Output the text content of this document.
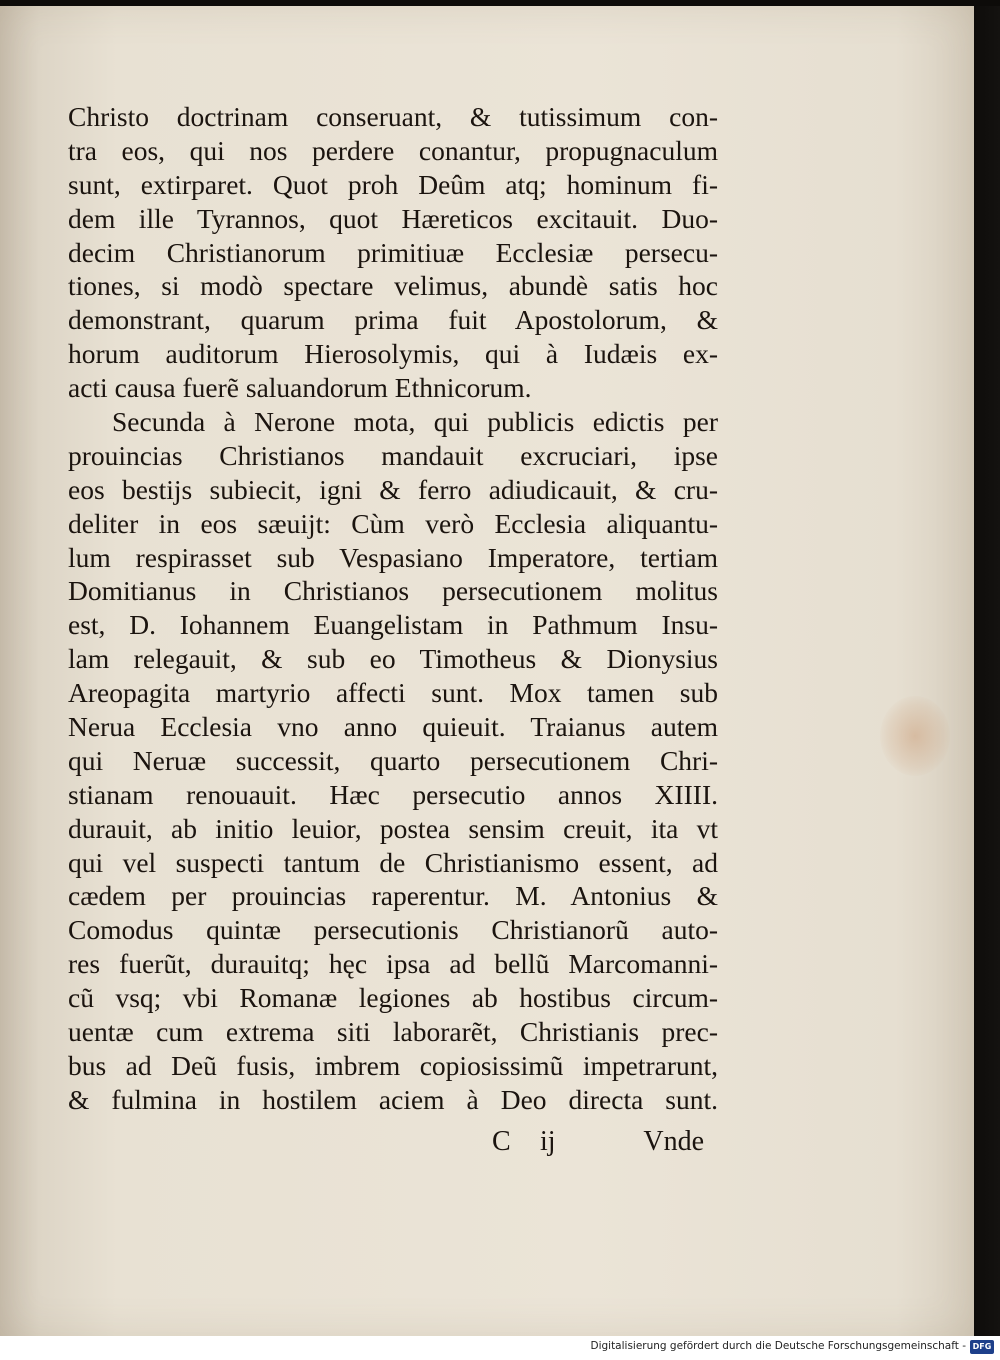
Christo doctrinam conseruant, & tutissimum con-
tra eos, qui nos perdere conantur, propugnaculum
sunt, extirparet. Quot proh Deûm atq; hominum fi-
dem ille Tyrannos, quot Hæreticos excitauit. Duo-
decim Christianorum primitiuæ Ecclesiæ persecu-
tiones, si modò spectare velimus, abundè satis hoc
demonstrant, quarum prima fuit Apostolorum, &
horum auditorum Hierosolymis, qui à Iudæis ex-
acti causa fuerẽ saluandorum Ethnicorum.
Secunda à Nerone mota, qui publicis edictis per
prouincias Christianos mandauit excruciari, ipse
eos bestijs subiecit, igni & ferro adiudicauit, & cru-
deliter in eos sæuijt: Cùm verò Ecclesia aliquantu-
lum respirasset sub Vespasiano Imperatore, tertiam
Domitianus in Christianos persecutionem molitus
est, D. Iohannem Euangelistam in Pathmum Insu-
lam relegauit, & sub eo Timotheus & Dionysius
Areopagita martyrio affecti sunt. Mox tamen sub
Nerua Ecclesia vno anno quieuit. Traianus autem
qui Neruæ successit, quarto persecutionem Chri-
stianam renouauit. Hæc persecutio annos XIIII.
durauit, ab initio leuior, postea sensim creuit, ita vt
qui vel suspecti tantum de Christianismo essent, ad
cædem per prouincias raperentur. M. Antonius &
Comodus quintæ persecutionis Christianorũ auto-
res fuerũt, durauitq; hęc ipsa ad bellũ Marcomanni-
cũ vsq; vbi Romanæ legiones ab hostibus circum-
uentæ cum extrema siti laborarẽt, Christianis prec-
bus ad Deũ fusis, imbrem copiosissimũ impetrarunt,
& fulmina in hostilem aciem à Deo directa sunt.
C ij	Vnde
Digitalisierung gefördert durch die Deutsche Forschungsgemeinschaft - DFG
